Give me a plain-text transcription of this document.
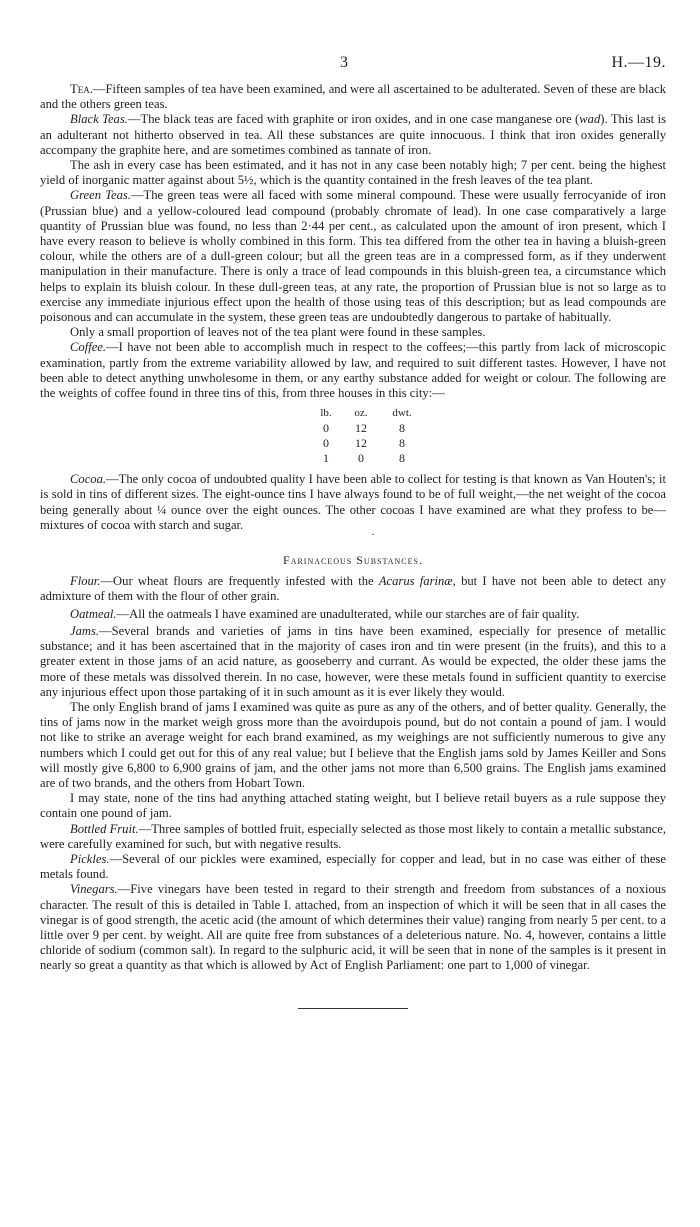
3	H.—19.

Tea.—Fifteen samples of tea have been examined, and were all ascertained to be adulterated. Seven of these are black and the others green teas.

Black Teas.—The black teas are faced with graphite or iron oxides, and in one case manganese ore (wad). This last is an adulterant not hitherto observed in tea. All these substances are quite innocuous. I think that iron oxides generally accompany the graphite here, and are sometimes combined as tannate of iron.

The ash in every case has been estimated, and it has not in any case been notably high; 7 per cent. being the highest yield of inorganic matter against about 5½, which is the quantity contained in the fresh leaves of the tea plant.

Green Teas.—The green teas were all faced with some mineral compound. These were usually ferrocyanide of iron (Prussian blue) and a yellow-coloured lead compound (probably chromate of lead). In one case comparatively a large quantity of Prussian blue was found, no less than 2·44 per cent., as calculated upon the amount of iron present, which I have every reason to believe is wholly combined in this form. This tea differed from the other tea in having a bluish-green colour, while the others are of a dull-green colour; but all the green teas are in a compressed form, as if they underwent manipulation in their manufacture. There is only a trace of lead compounds in this bluish-green tea, a circumstance which helps to explain its bluish colour. In these dull-green teas, at any rate, the proportion of Prussian blue is not so large as to exercise any immediate injurious effect upon the health of those using teas of this description; but as lead compounds are poisonous and can accumulate in the system, these green teas are undoubtedly dangerous to partake of habitually.

Only a small proportion of leaves not of the tea plant were found in these samples.

Coffee.—I have not been able to accomplish much in respect to the coffees;—this partly from lack of microscopic examination, partly from the extreme variability allowed by law, and required to suit different tastes. However, I have not been able to detect anything unwholesome in them, or any earthy substance added for weight or colour. The following are the weights of coffee found in three tins of this, from three houses in this city:—

lb.	oz.	dwt.
0	12	8
0	12	8
1	0	8

Cocoa.—The only cocoa of undoubted quality I have been able to collect for testing is that known as Van Houten's; it is sold in tins of different sizes. The eight-ounce tins I have always found to be of full weight,—the net weight of the cocoa being generally about ¼ ounce over the eight ounces. The other cocoas I have examined are what they profess to be—mixtures of cocoa with starch and sugar.

·
Farinaceous Substances.

Flour.—Our wheat flours are frequently infested with the Acarus farinæ, but I have not been able to detect any admixture of them with the flour of other grain.

Oatmeal.—All the oatmeals I have examined are unadulterated, while our starches are of fair quality.

Jams.—Several brands and varieties of jams in tins have been examined, especially for presence of metallic substance; and it has been ascertained that in the majority of cases iron and tin were present (in the fruits), and this to a greater extent in those jams of an acid nature, as gooseberry and currant. As would be expected, the older these jams the more of these metals was dissolved therein. In no case, however, were these metals found in sufficient quantity to exercise any injurious effect upon those partaking of it in such amount as it is ever likely they would.

The only English brand of jams I examined was quite as pure as any of the others, and of better quality. Generally, the tins of jams now in the market weigh gross more than the avoirdupois pound, but do not contain a pound of jam. I would not like to strike an average weight for each brand examined, as my weighings are not sufficiently numerous to give any numbers which I could get out for this of any real value; but I believe that the English jams sold by James Keiller and Sons will mostly give 6,800 to 6,900 grains of jam, and the other jams not more than 6,500 grains. The English jams examined are of two brands, and the others from Hobart Town.

I may state, none of the tins had anything attached stating weight, but I believe retail buyers as a rule suppose they contain one pound of jam.

Bottled Fruit.—Three samples of bottled fruit, especially selected as those most likely to contain a metallic substance, were carefully examined for such, but with negative results.

Pickles.—Several of our pickles were examined, especially for copper and lead, but in no case was either of these metals found.

Vinegars.—Five vinegars have been tested in regard to their strength and freedom from substances of a noxious character. The result of this is detailed in Table I. attached, from an inspection of which it will be seen that in all cases the vinegar is of good strength, the acetic acid (the amount of which determines their value) ranging from nearly 5 per cent. to a little over 9 per cent. by weight. All are quite free from substances of a deleterious nature. No. 4, however, contains a little chloride of sodium (common salt). In regard to the sulphuric acid, it will be seen that in none of the samples is it present in nearly so great a quantity as that which is allowed by Act of English Parliament: one part to 1,000 of vinegar.
